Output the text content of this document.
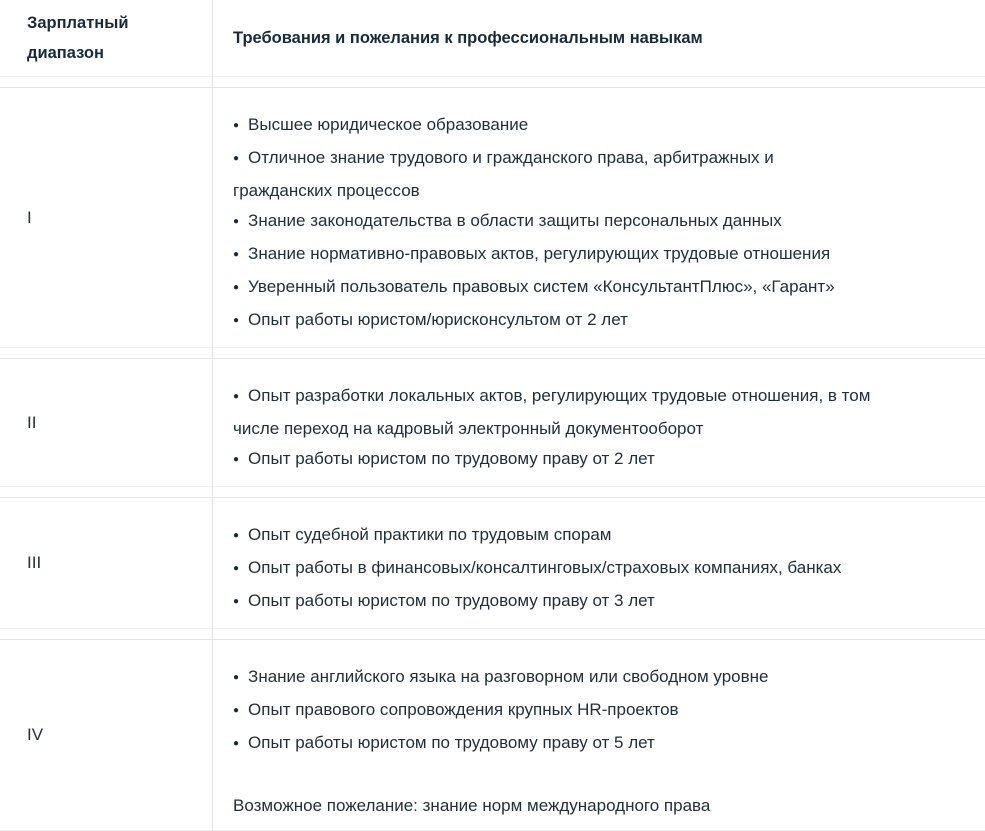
Зарплатный диапазон
Требования и пожелания к профессиональным навыкам
I
● Высшее юридическое образование
● Отличное знание трудового и гражданского права, арбитражных и гражданских процессов
● Знание законодательства в области защиты персональных данных
● Знание нормативно-правовых актов, регулирующих трудовые отношения
● Уверенный пользователь правовых систем «КонсультантПлюс», «Гарант»
● Опыт работы юристом/юрисконсультом от 2 лет
II
● Опыт разработки локальных актов, регулирующих трудовые отношения, в том числе переход на кадровый электронный документооборот
● Опыт работы юристом по трудовому праву от 2 лет
III
● Опыт судебной практики по трудовым спорам
● Опыт работы в финансовых/консалтинговых/страховых компаниях, банках
● Опыт работы юристом по трудовому праву от 3 лет
IV
● Знание английского языка на разговорном или свободном уровне
● Опыт правового сопровождения крупных HR-проектов
● Опыт работы юристом по трудовому праву от 5 лет
Возможное пожелание: знание норм международного права
